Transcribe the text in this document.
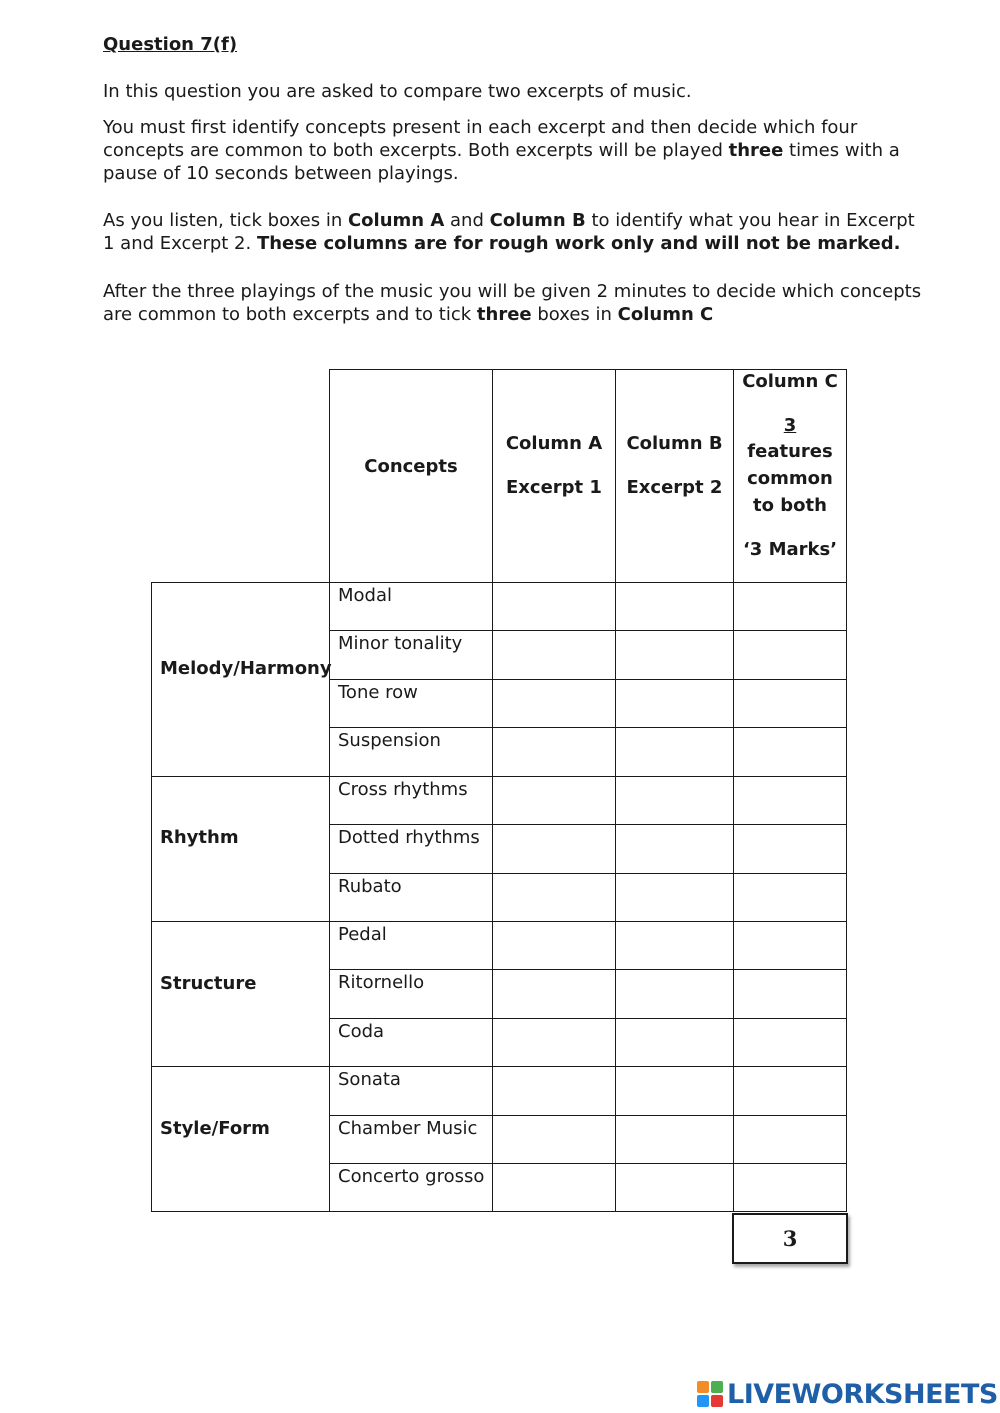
Question 7(f)

In this question you are asked to compare two excerpts of music.

You must first identify concepts present in each excerpt and then decide which four concepts are common to both excerpts. Both excerpts will be played three times with a pause of 10 seconds between playings.

As you listen, tick boxes in Column A and Column B to identify what you hear in Excerpt 1 and Excerpt 2. These columns are for rough work only and will not be marked.

After the three playings of the music you will be given 2 minutes to decide which concepts are common to both excerpts and to tick three boxes in Column C

Concepts
Column A
Excerpt 1
Column B
Excerpt 2
Column C
3
features
common
to both
‘3 Marks’
Melody/Harmony
Rhythm
Structure
Style/Form
Modal
Minor tonality
Tone row
Suspension
Cross rhythms
Dotted rhythms
Rubato
Pedal
Ritornello
Coda
Sonata
Chamber Music
Concerto grosso
3
LIVEWORKSHEETS
